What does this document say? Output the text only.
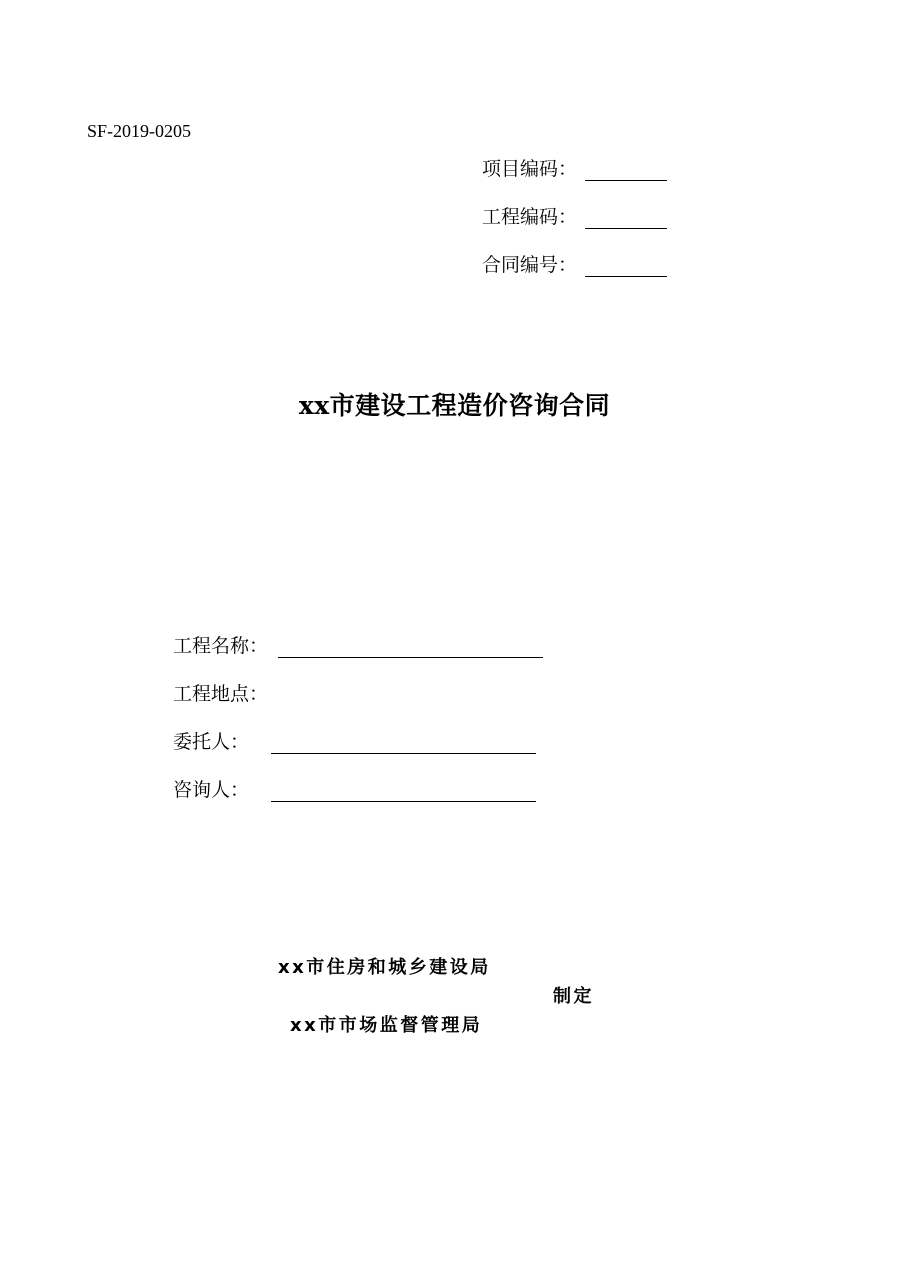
SF-2019-0205
项目编码：
工程编码：
合同编号：
xx市建设工程造价咨询合同
工程名称：
工程地点：
委托人：
咨询人：
xx市住房和城乡建设局
制定
xx市市场监督管理局
